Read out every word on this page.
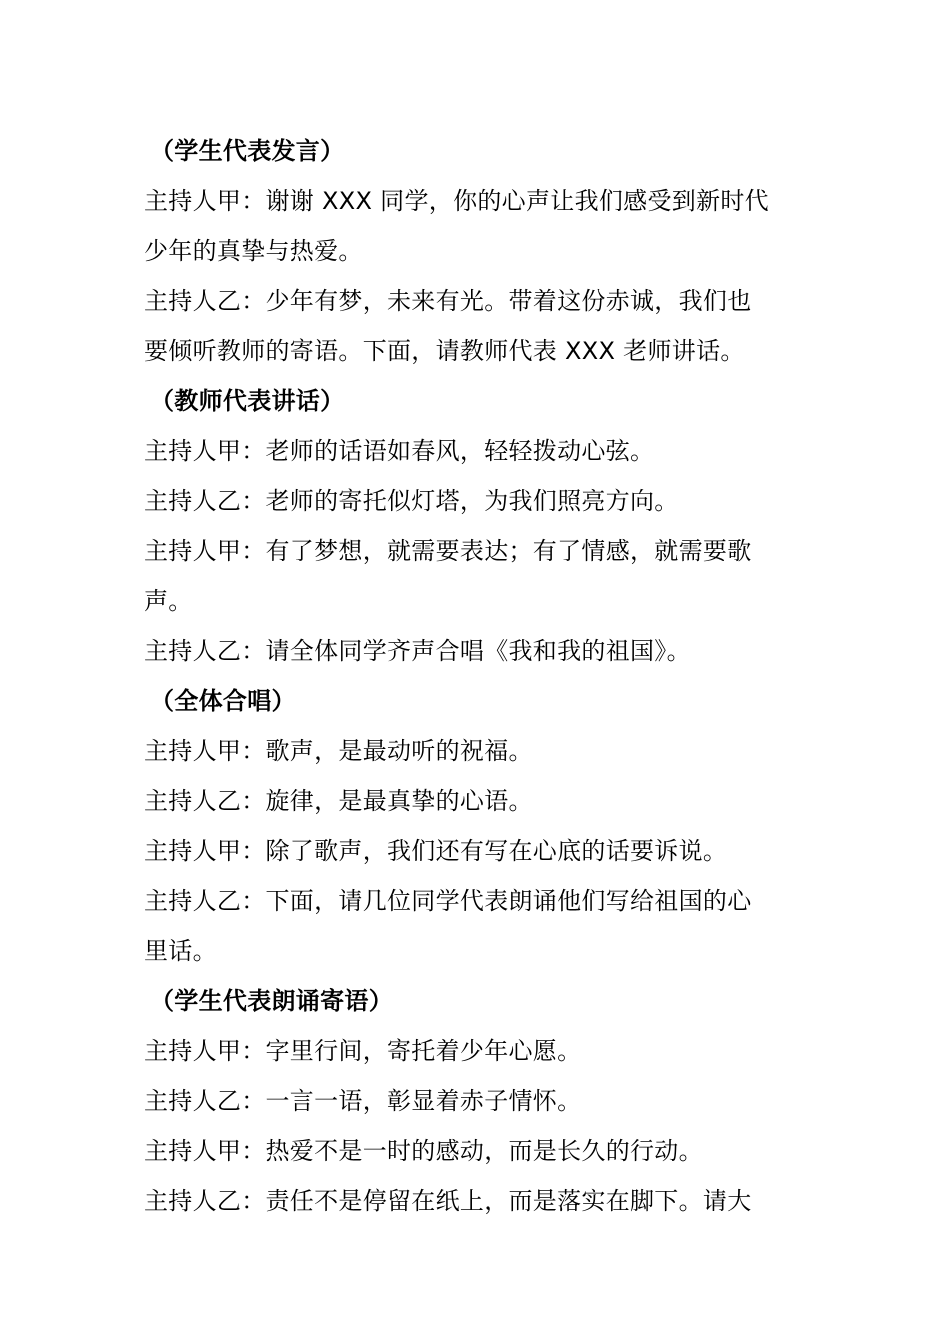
（学生代表发言）
主持人甲：谢谢 XXX 同学，你的心声让我们感受到新时代
少年的真挚与热爱。
主持人乙：少年有梦，未来有光。带着这份赤诚，我们也
要倾听教师的寄语。下面，请教师代表 XXX 老师讲话。
（教师代表讲话）
主持人甲：老师的话语如春风，轻轻拨动心弦。
主持人乙：老师的寄托似灯塔，为我们照亮方向。
主持人甲：有了梦想，就需要表达；有了情感，就需要歌
声。
主持人乙：请全体同学齐声合唱《我和我的祖国》。
（全体合唱）
主持人甲：歌声，是最动听的祝福。
主持人乙：旋律，是最真挚的心语。
主持人甲：除了歌声，我们还有写在心底的话要诉说。
主持人乙：下面，请几位同学代表朗诵他们写给祖国的心
里话。
（学生代表朗诵寄语）
主持人甲：字里行间，寄托着少年心愿。
主持人乙：一言一语，彰显着赤子情怀。
主持人甲：热爱不是一时的感动，而是长久的行动。
主持人乙：责任不是停留在纸上，而是落实在脚下。请大
